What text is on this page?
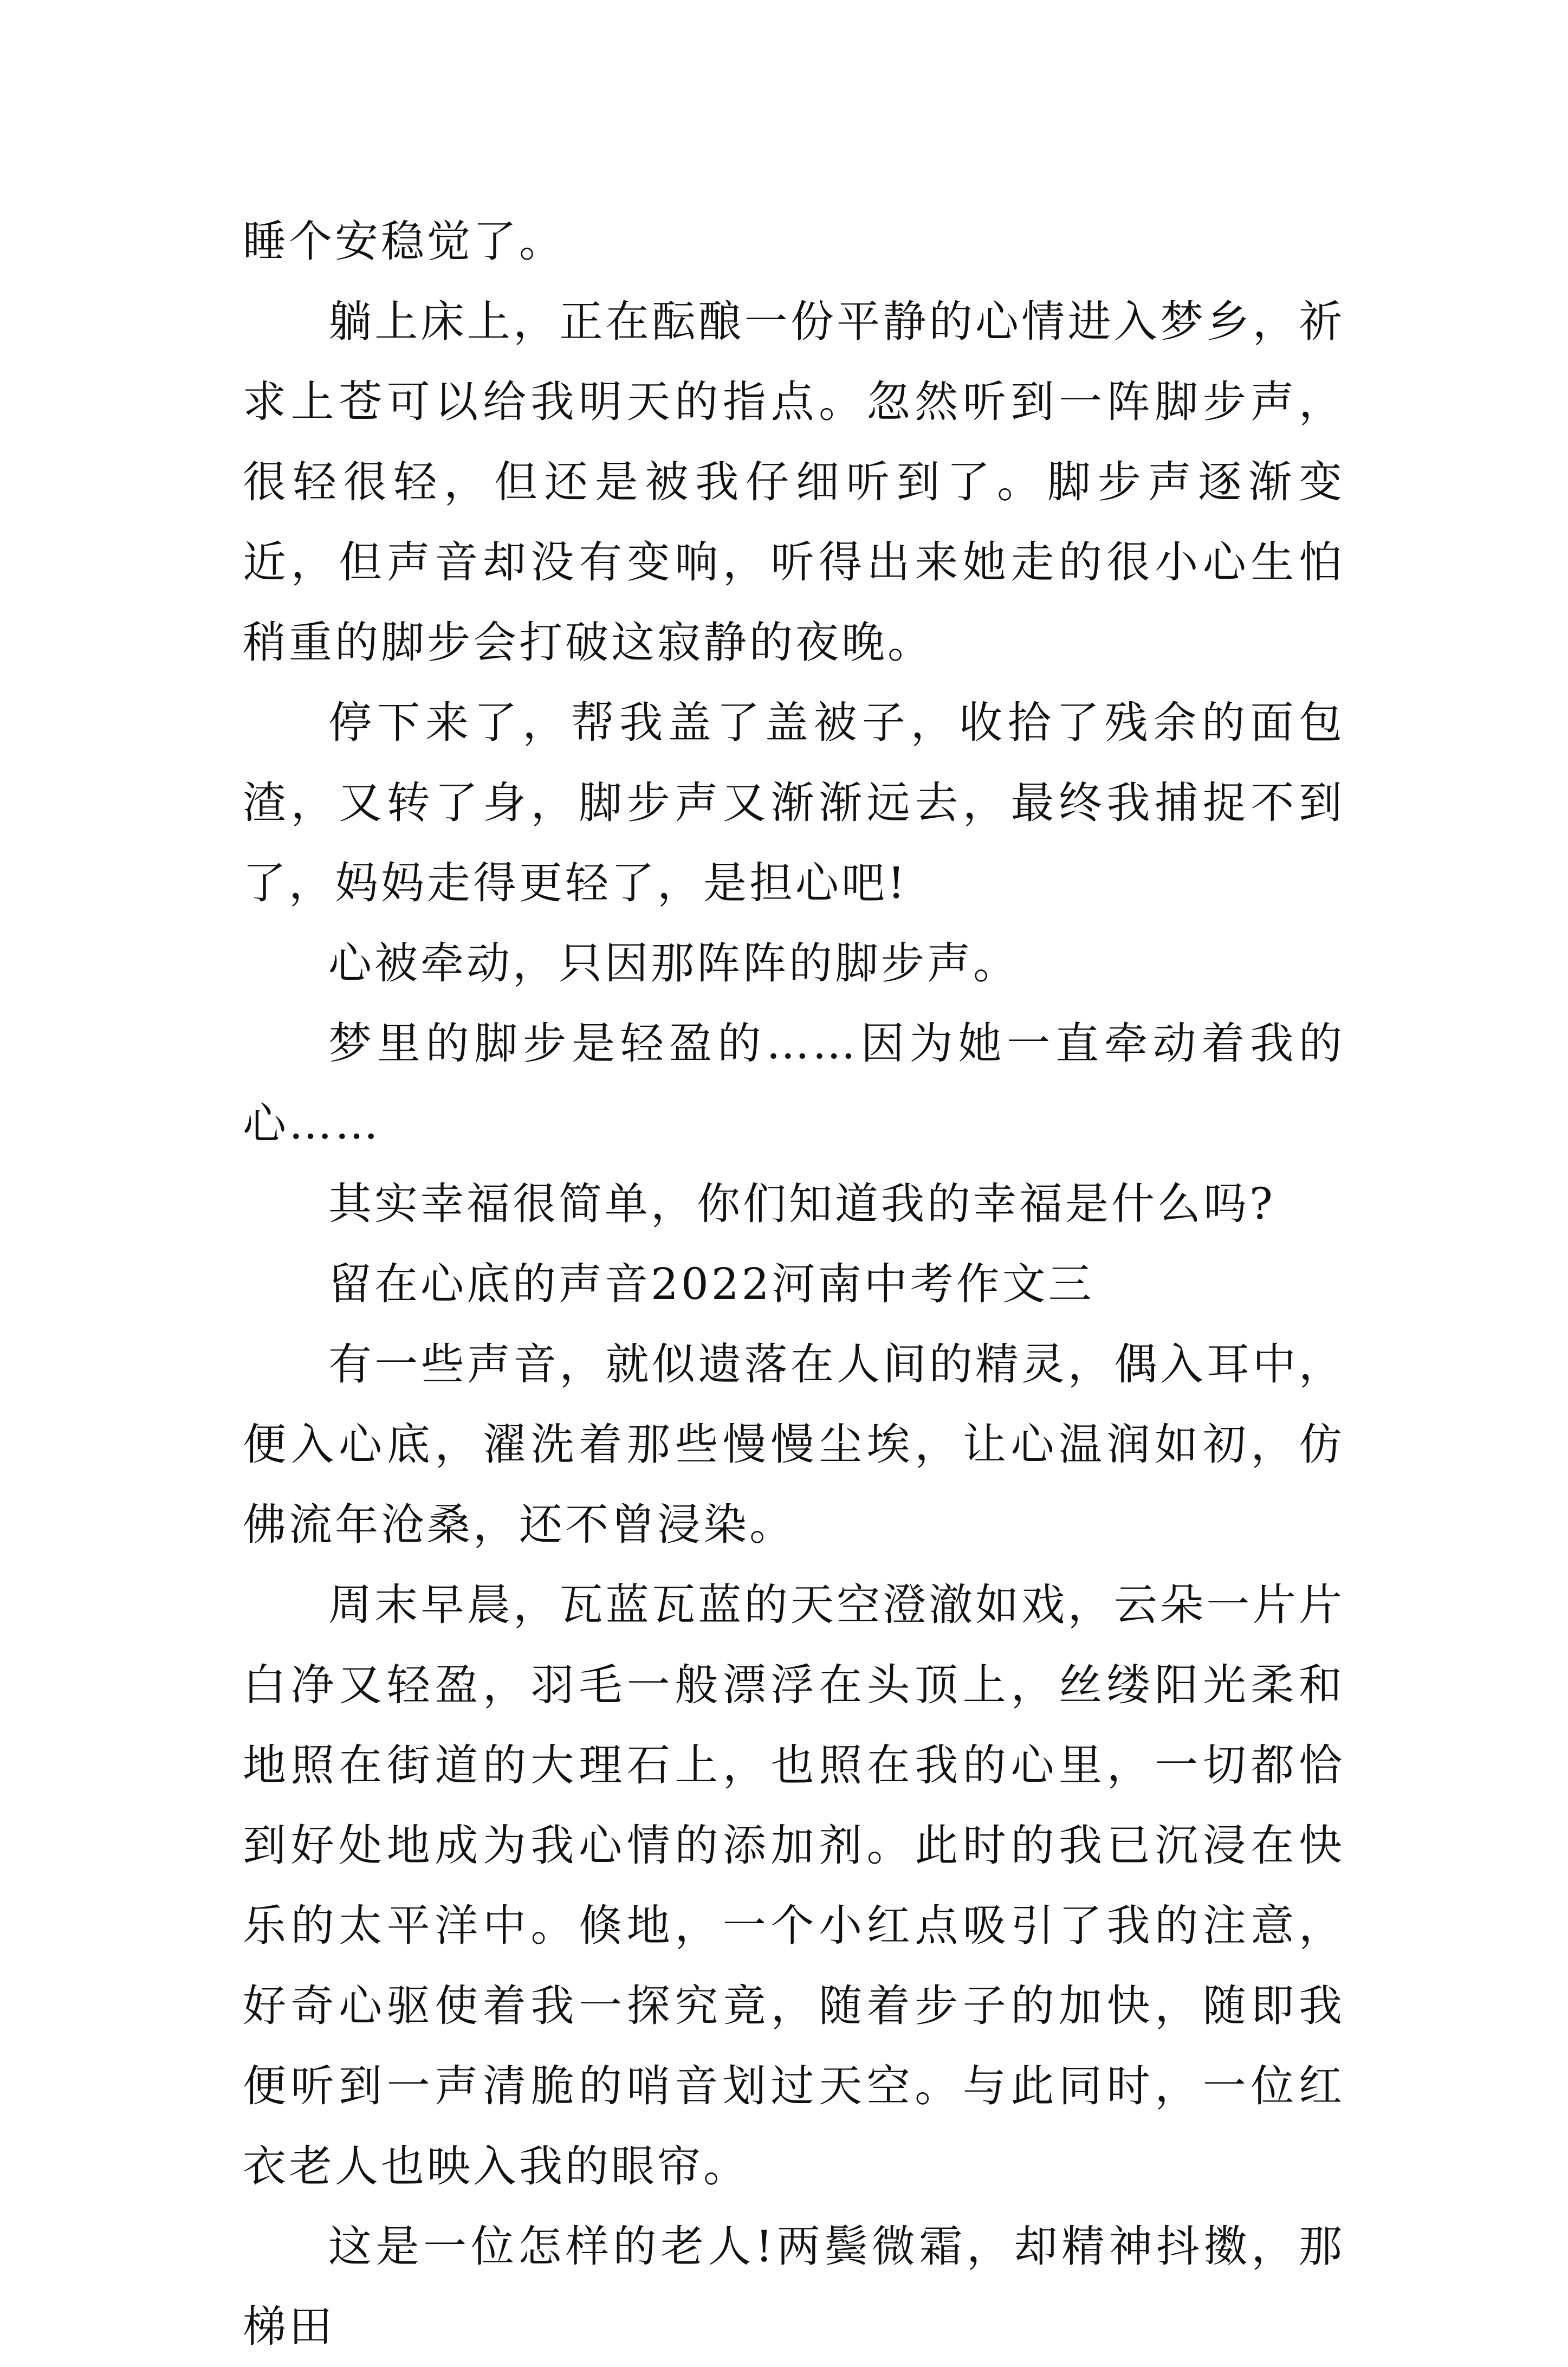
睡个安稳觉了。

躺上床上，正在酝酿一份平静的心情进入梦乡，祈求上苍可以给我明天的指点。忽然听到一阵脚步声，很轻很轻，但还是被我仔细听到了。脚步声逐渐变近，但声音却没有变响，听得出来她走的很小心生怕稍重的脚步会打破这寂静的夜晚。

停下来了，帮我盖了盖被子，收拾了残余的面包渣，又转了身，脚步声又渐渐远去，最终我捕捉不到了，妈妈走得更轻了，是担心吧!

心被牵动，只因那阵阵的脚步声。

梦里的脚步是轻盈的……因为她一直牵动着我的心……

其实幸福很简单，你们知道我的幸福是什么吗?

留在心底的声音2022河南中考作文三

有一些声音，就似遗落在人间的精灵，偶入耳中，便入心底，濯洗着那些慢慢尘埃，让心温润如初，仿佛流年沧桑，还不曾浸染。

周末早晨，瓦蓝瓦蓝的天空澄澈如戏，云朵一片片白净又轻盈，羽毛一般漂浮在头顶上，丝缕阳光柔和地照在街道的大理石上，也照在我的心里，一切都恰到好处地成为我心情的添加剂。此时的我已沉浸在快乐的太平洋中。倏地，一个小红点吸引了我的注意，好奇心驱使着我一探究竟，随着步子的加快，随即我便听到一声清脆的哨音划过天空。与此同时，一位红衣老人也映入我的眼帘。

这是一位怎样的老人!两鬓微霜，却精神抖擞，那梯田
